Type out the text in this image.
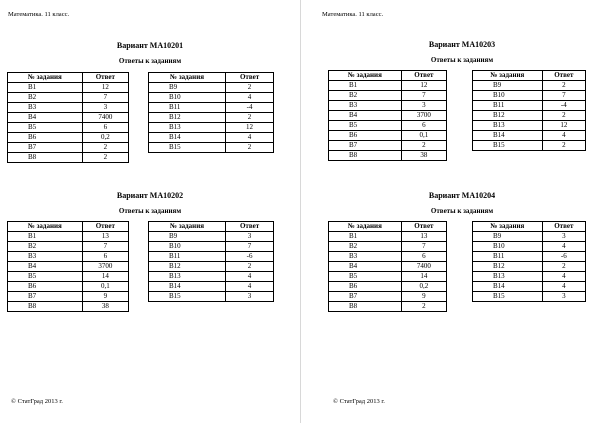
Математика. 11 класс.
Вариант МА10201
Ответы к заданиям
№ задания	Ответ
B1	12
B2	7
B3	3
B4	7400
B5	6
B6	0,2
B7	2
B8	2
№ задания	Ответ
B9	2
B10	4
B11	-4
B12	2
B13	12
B14	4
B15	2
Вариант МА10202
Ответы к заданиям
№ задания	Ответ
B1	13
B2	7
B3	6
B4	3700
B5	14
B6	0,1
B7	9
B8	38
№ задания	Ответ
B9	3
B10	7
B11	-6
B12	2
B13	4
B14	4
B15	3
© СтатГрад 2013 г.
Математика. 11 класс.
Вариант МА10203
Ответы к заданиям
№ задания	Ответ
B1	12
B2	7
B3	3
B4	3700
B5	6
B6	0,1
B7	2
B8	38
№ задания	Ответ
B9	2
B10	7
B11	-4
B12	2
B13	12
B14	4
B15	2
Вариант МА10204
Ответы к заданиям
№ задания	Ответ
B1	13
B2	7
B3	6
B4	7400
B5	14
B6	0,2
B7	9
B8	2
№ задания	Ответ
B9	3
B10	4
B11	-6
B12	2
B13	4
B14	4
B15	3
© СтатГрад 2013 г.
